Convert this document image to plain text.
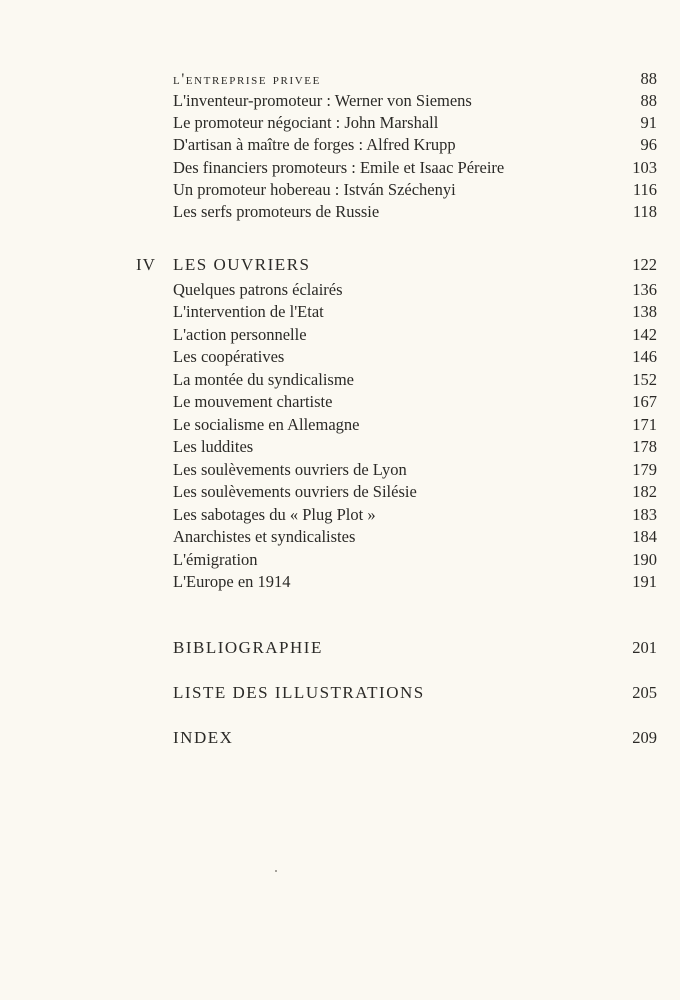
l'entreprise privee	88
L'inventeur-promoteur : Werner von Siemens	88
Le promoteur négociant : John Marshall	91
D'artisan à maître de forges : Alfred Krupp	96
Des financiers promoteurs : Emile et Isaac Péreire	103
Un promoteur hobereau : István Széchenyi	116
Les serfs promoteurs de Russie	118
IV	LES OUVRIERS	122
Quelques patrons éclairés	136
L'intervention de l'Etat	138
L'action personnelle	142
Les coopératives	146
La montée du syndicalisme	152
Le mouvement chartiste	167
Le socialisme en Allemagne	171
Les luddites	178
Les soulèvements ouvriers de Lyon	179
Les soulèvements ouvriers de Silésie	182
Les sabotages du « Plug Plot »	183
Anarchistes et syndicalistes	184
L'émigration	190
L'Europe en 1914	191
BIBLIOGRAPHIE	201
LISTE DES ILLUSTRATIONS	205
INDEX	209
